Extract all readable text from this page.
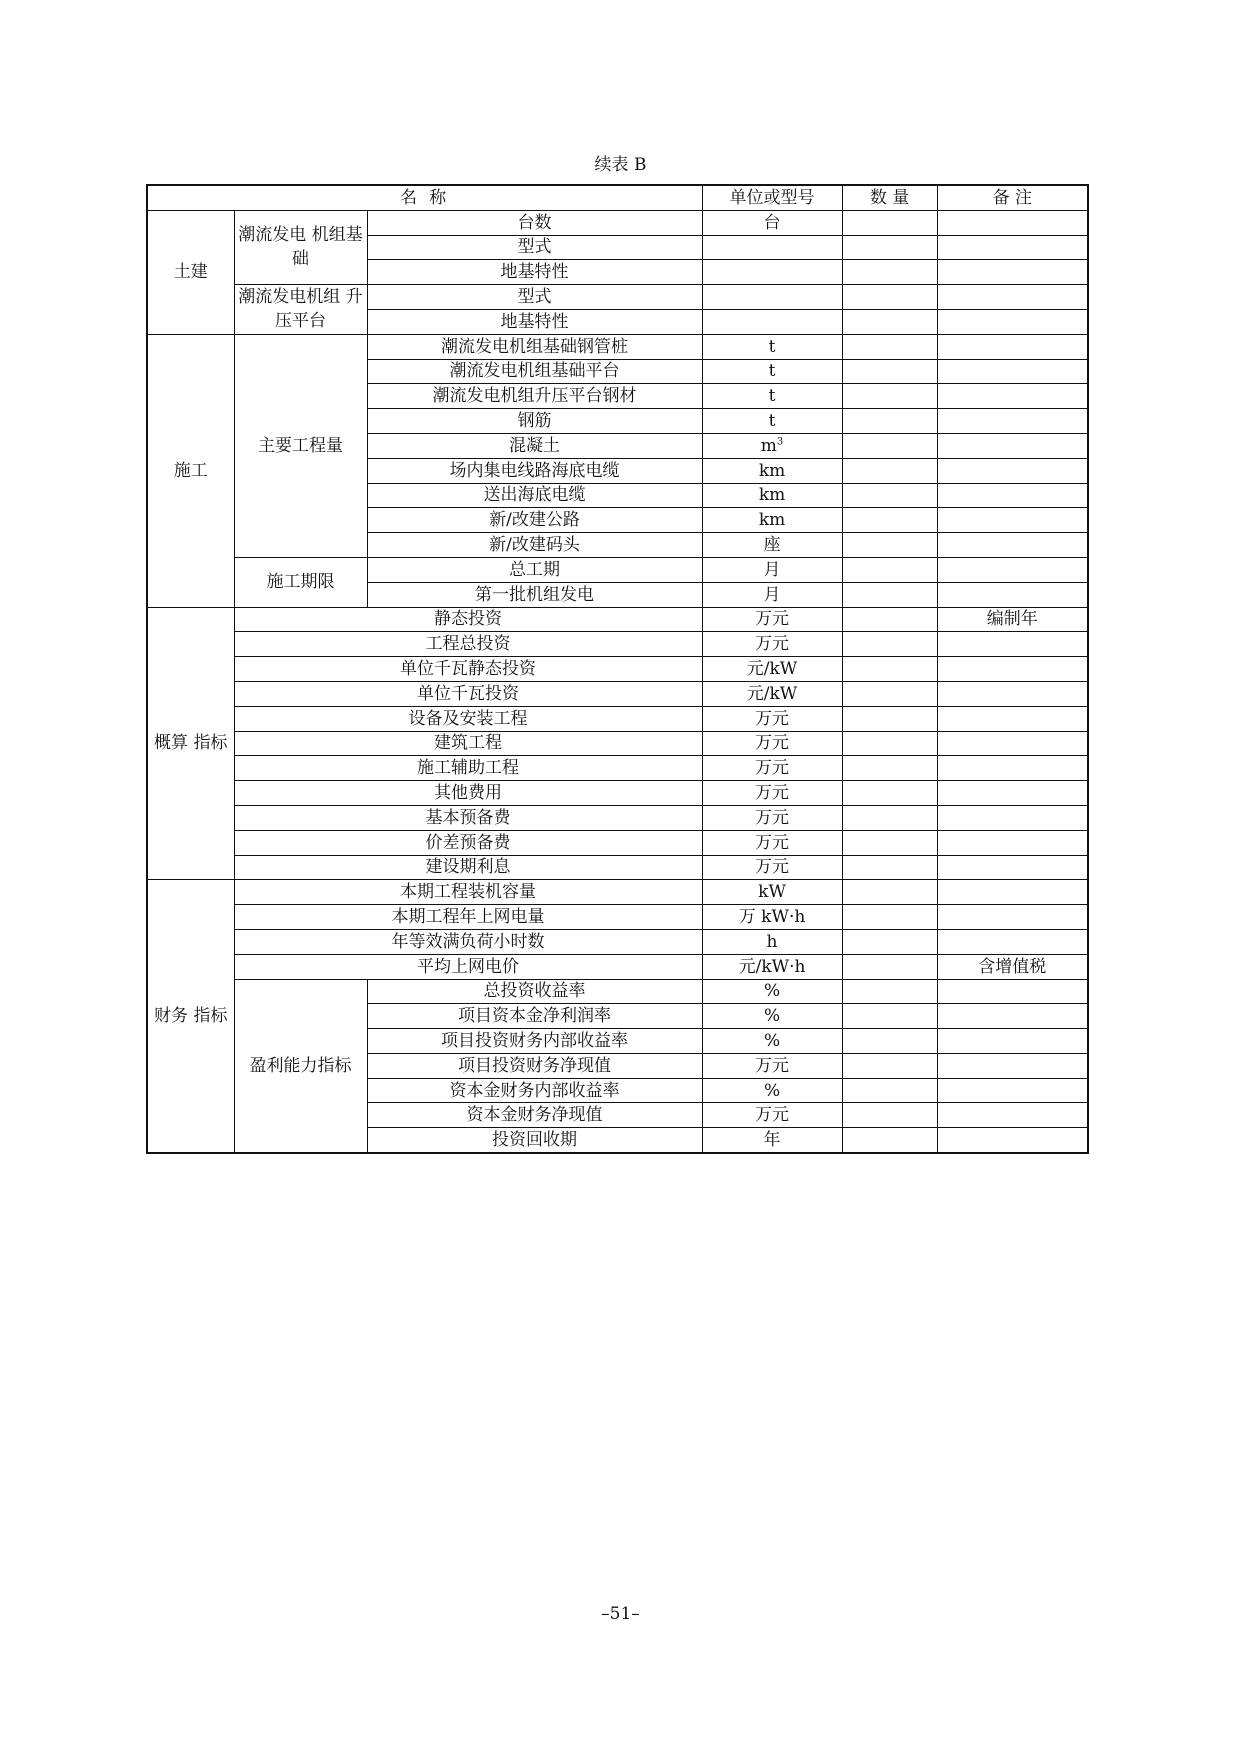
续表 B
名 称			单位或型号	数 量	备 注
土建	潮流发电 机组基础	台数	台		
		型式			
		地基特性			
	潮流发电机组 升压平台	型式			
		地基特性			
施工	主要工程量	潮流发电机组基础钢管桩	t		
		潮流发电机组基础平台	t		
		潮流发电机组升压平台钢材	t		
		钢筋	t		
		混凝土	$m^3$		
		场内集电线路海底电缆	km		
		送出海底电缆	km		
		新/改建公路	km		
		新/改建码头	座		
	施工期限	总工期	月		
		第一批机组发电	月		
概算 指标	静态投资		万元		编制年
	工程总投资		万元		
	单位千瓦静态投资		元/kW		
	单位千瓦投资		元/kW		
	设备及安装工程		万元		
	建筑工程		万元		
	施工辅助工程		万元		
	其他费用		万元		
	基本预备费		万元		
	价差预备费		万元		
	建设期利息		万元		
财务 指标	本期工程装机容量		kW		
	本期工程年上网电量		万 kW·h		
	年等效满负荷小时数		h		
	平均上网电价		元/kW·h		含增值税
	盈利能力指标	总投资收益率	%		
		项目资本金净利润率	%		
		项目投资财务内部收益率	%		
		项目投资财务净现值	万元		
		资本金财务内部收益率	%		
		资本金财务净现值	万元		
		投资回收期	年		
–51–
